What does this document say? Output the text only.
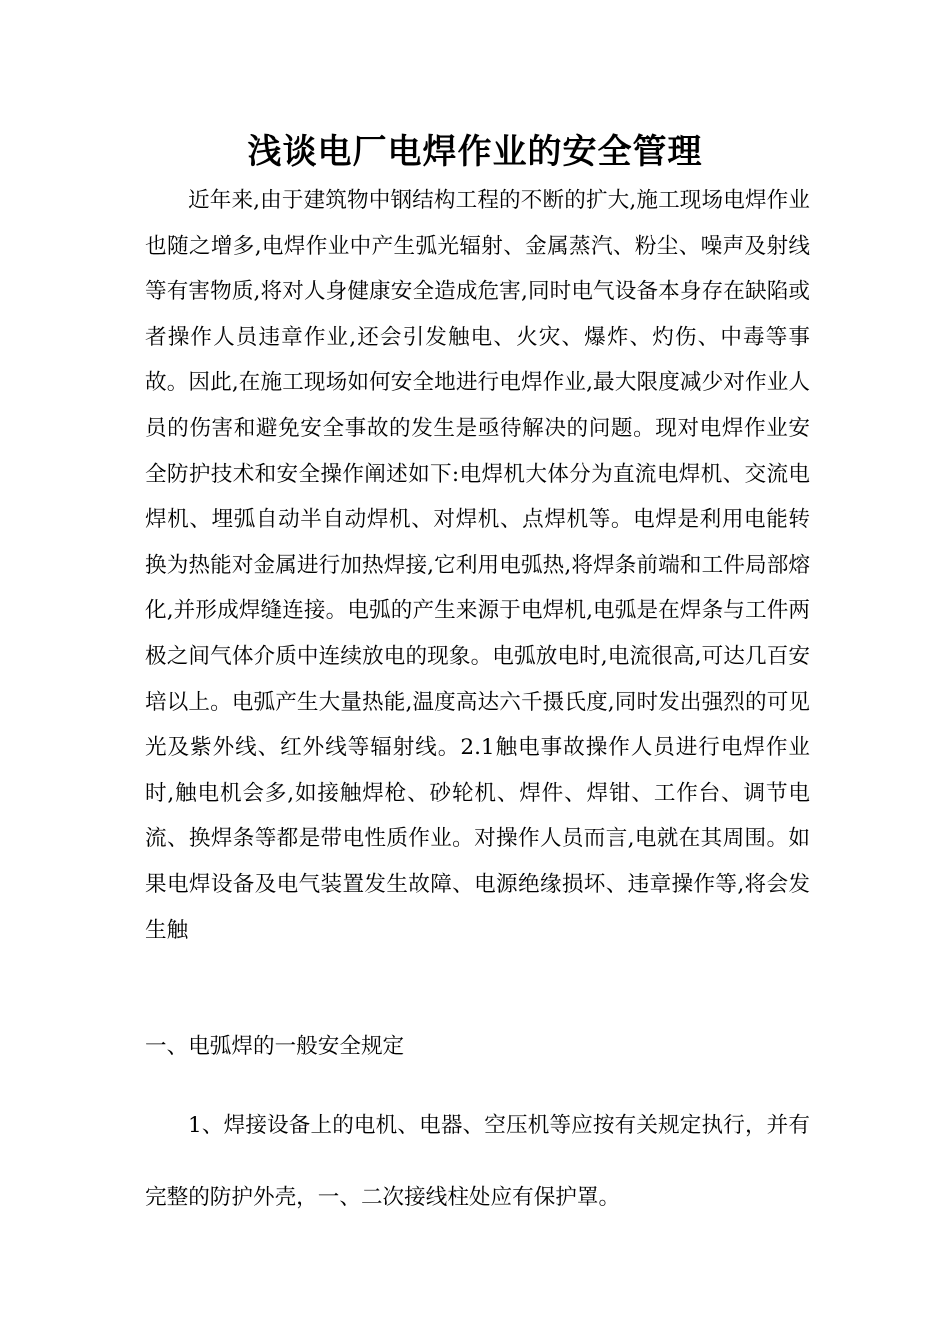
浅谈电厂电焊作业的安全管理

近年来,由于建筑物中钢结构工程的不断的扩大,施工现场电焊作业也随之增多,电焊作业中产生弧光辐射、金属蒸汽、粉尘、噪声及射线等有害物质,将对人身健康安全造成危害,同时电气设备本身存在缺陷或者操作人员违章作业,还会引发触电、火灾、爆炸、灼伤、中毒等事故。因此,在施工现场如何安全地进行电焊作业,最大限度减少对作业人员的伤害和避免安全事故的发生是亟待解决的问题。现对电焊作业安全防护技术和安全操作阐述如下:电焊机大体分为直流电焊机、交流电焊机、埋弧自动半自动焊机、对焊机、点焊机等。电焊是利用电能转换为热能对金属进行加热焊接,它利用电弧热,将焊条前端和工件局部熔化,并形成焊缝连接。电弧的产生来源于电焊机,电弧是在焊条与工件两极之间气体介质中连续放电的现象。电弧放电时,电流很高,可达几百安培以上。电弧产生大量热能,温度高达六千摄氏度,同时发出强烈的可见光及紫外线、红外线等辐射线。2.1触电事故操作人员进行电焊作业时,触电机会多,如接触焊枪、砂轮机、焊件、焊钳、工作台、调节电流、换焊条等都是带电性质作业。对操作人员而言,电就在其周围。如果电焊设备及电气装置发生故障、电源绝缘损坏、违章操作等,将会发生触

一、电弧焊的一般安全规定

1、焊接设备上的电机、电器、空压机等应按有关规定执行，并有完整的防护外壳，一、二次接线柱处应有保护罩。
